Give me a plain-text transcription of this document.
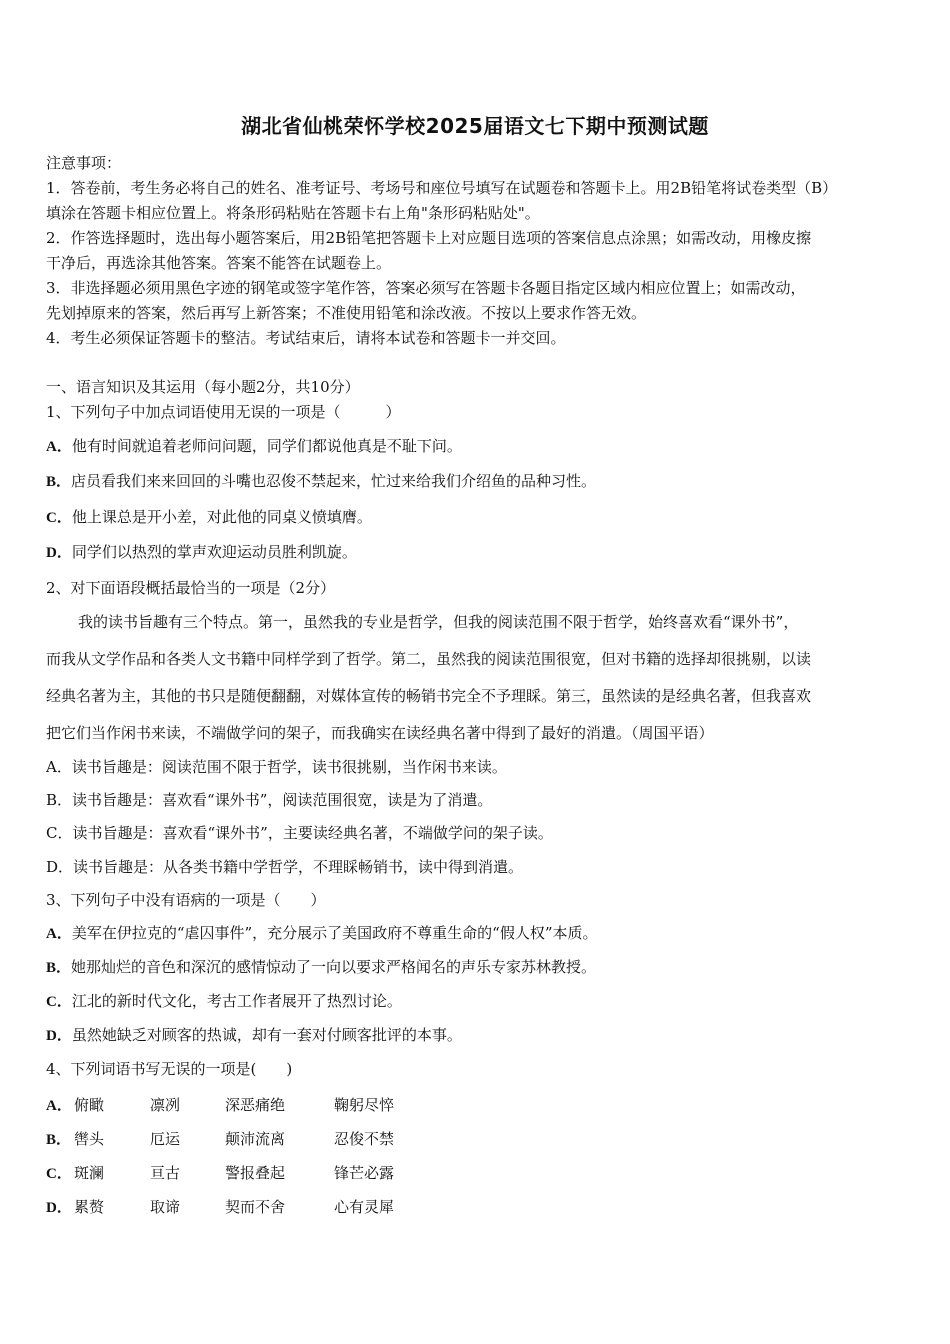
湖北省仙桃荣怀学校2025届语文七下期中预测试题
注意事项：
1．答卷前，考生务必将自己的姓名、准考证号、考场号和座位号填写在试题卷和答题卡上。用2B铅笔将试卷类型（B）
填涂在答题卡相应位置上。将条形码粘贴在答题卡右上角"条形码粘贴处"。
2．作答选择题时，选出每小题答案后，用2B铅笔把答题卡上对应题目选项的答案信息点涂黑；如需改动，用橡皮擦
干净后，再选涂其他答案。答案不能答在试题卷上。
3．非选择题必须用黑色字迹的钢笔或签字笔作答，答案必须写在答题卡各题目指定区域内相应位置上；如需改动，
先划掉原来的答案，然后再写上新答案；不准使用铅笔和涂改液。不按以上要求作答无效。
4．考生必须保证答题卡的整洁。考试结束后，请将本试卷和答题卡一并交回。
一、语言知识及其运用（每小题2分，共10分）
1、下列句子中加点词语使用无误的一项是（　　　）
A．他有时间就追着老师问问题，同学们都说他真是不耻下问。
B．店员看我们来来回回的斗嘴也忍俊不禁起来，忙过来给我们介绍鱼的品种习性。
C．他上课总是开小差，对此他的同桌义愤填膺。
D．同学们以热烈的掌声欢迎运动员胜利凯旋。
2、对下面语段概括最恰当的一项是（2分）
我的读书旨趣有三个特点。第一，虽然我的专业是哲学，但我的阅读范围不限于哲学，始终喜欢看“课外书”，
而我从文学作品和各类人文书籍中同样学到了哲学。第二，虽然我的阅读范围很宽，但对书籍的选择却很挑剔，以读
经典名著为主，其他的书只是随便翻翻，对媒体宣传的畅销书完全不予理睬。第三，虽然读的是经典名著，但我喜欢
把它们当作闲书来读，不端做学问的架子，而我确实在读经典名著中得到了最好的消遣。（周国平语）
A．读书旨趣是：阅读范围不限于哲学，读书很挑剔，当作闲书来读。
B．读书旨趣是：喜欢看“课外书”，阅读范围很宽，读是为了消遣。
C．读书旨趣是：喜欢看“课外书”，主要读经典名著，不端做学问的架子读。
D．读书旨趣是：从各类书籍中学哲学，不理睬畅销书，读中得到消遣。
3、下列句子中没有语病的一项是（　　）
A．美军在伊拉克的“虐囚事件”，充分展示了美国政府不尊重生命的“假人权”本质。
B．她那灿烂的音色和深沉的感情惊动了一向以要求严格闻名的声乐专家苏林教授。
C．江北的新时代文化，考古工作者展开了热烈讨论。
D．虽然她缺乏对顾客的热诚，却有一套对付顾客批评的本事。
4、下列词语书写无误的一项是(　　)
A． 俯瞰	凛冽	深恶痛绝	鞠躬尽悴
B． 辔头	厄运	颠沛流离	忍俊不禁
C． 斑澜	亘古	警报叠起	锋芒必露
D． 累赘	取谛	契而不舍	心有灵犀
